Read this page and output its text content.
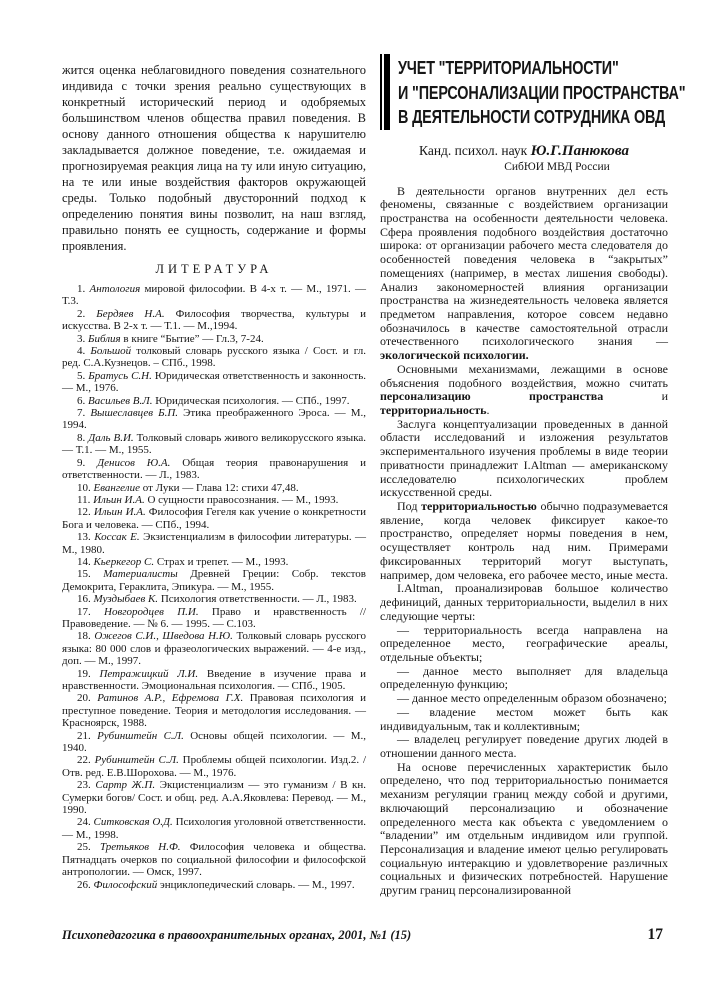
жится оценка неблаговидного поведения сознательного индивида с точки зрения реально существующих в конкретный исторический период и одобряемых большинством членов общества правил поведения. В основу данного отношения общества к нарушителю закладывается должное поведение, т.е. ожидаемая и прогнозируемая реакция лица на ту или иную ситуацию, на те или иные воздействия факторов окружающей среды. Только подобный двусторонний подход к определению понятия вины позволит, на наш взгляд, правильно понять ее сущность, содержание и формы проявления.

ЛИТЕРАТУРА

1. Антология мировой философии. В 4-х т. — М., 1971. — Т.3.

2. Бердяев Н.А. Философия творчества, культуры и искусства. В 2-х т. — Т.1. — М.,1994.

3. Библия в книге “Бытие” — Гл.3, 7-24.

4. Большой толковый словарь русского языка / Сост. и гл. ред. С.А.Кузнецов. – СПб., 1998.

5. Братусь С.Н. Юридическая ответственность и законность. — М., 1976.

6. Васильев В.Л. Юридическая психология. — СПб., 1997.

7. Вышеславцев Б.П. Этика преображенного Эроса. — М., 1994.

8. Даль В.И. Толковый словарь живого великорусского языка. — Т.1. — М., 1955.

9. Денисов Ю.А. Общая теория правонарушения и ответственности. — Л., 1983.

10. Евангелие от Луки — Глава 12: стихи 47,48.

11. Ильин И.А. О сущности правосознания. — М., 1993.

12. Ильин И.А. Философия Гегеля как учение о конкретности Бога и человека. — СПб., 1994.

13. Коссак Е. Экзистенциализм в философии литературы. — М., 1980.

14. Кьеркегор С. Страх и трепет. — М., 1993.

15. Материалисты Древней Греции: Собр. текстов Демокрита, Гераклита, Эпикура. — М., 1955.

16. Муздыбаев К. Психология ответственности. — Л., 1983.

17. Новгородцев П.И. Право и нравственность // Правоведение. — № 6. — 1995. — С.103.

18. Ожегов С.И., Шведова Н.Ю. Толковый словарь русского языка: 80 000 слов и фразеологических выражений. — 4-е изд., доп. — М., 1997.

19. Петражицкий Л.И. Введение в изучение права и нравственности. Эмоциональная психология. — СПб., 1905.

20. Ратинов А.Р., Ефремова Г.Х. Правовая психология и преступное поведение. Теория и методология исследования. — Красноярск, 1988.

21. Рубинштейн С.Л. Основы общей психологии. — М., 1940.

22. Рубинштейн С.Л. Проблемы общей психологии. Изд.2. / Отв. ред. Е.В.Шорохова. — М., 1976.

23. Сартр Ж.П. Экцистенциализм — это гуманизм / В кн. Сумерки богов/ Сост. и общ. ред. А.А.Яковлева: Перевод. — М., 1990.

24. Ситковская О.Д. Психология уголовной ответственности. — М., 1998.

25. Третьяков Н.Ф. Философия человека и общества. Пятнадцать очерков по социальной философии и философской антропологии. — Омск, 1997.

26. Философский энциклопедический словарь. — М., 1997.

УЧЕТ "ТЕРРИТОРИАЛЬНОСТИ"
И "ПЕРСОНАЛИЗАЦИИ ПРОСТРАНСТВА"
В ДЕЯТЕЛЬНОСТИ СОТРУДНИКА ОВД
Канд. психол. наук Ю.Г.Панюкова
СибЮИ МВД России

В деятельности органов внутренних дел есть феномены, связанные с воздействием организации пространства на особенности деятельности человека. Сфера проявления подобного воздействия достаточно широка: от организации рабочего места следователя до особенностей поведения человека в “закрытых” помещениях (например, в местах лишения свободы). Анализ закономерностей влияния организации пространства на жизнедеятельность человека является предметом направления, которое совсем недавно обозначилось в качестве самостоятельной отрасли отечественного психологического знания — экологической психологии.

Основными механизмами, лежащими в основе объяснения подобного воздействия, можно считать персонализацию пространства и территориальность.

Заслуга концептуализации проведенных в данной области исследований и изложения результатов экспериментального изучения проблемы в виде теории приватности принадлежит I.Altman — американскому исследователю психологических проблем искусственной среды.

Под территориальностью обычно подразумевается явление, когда человек фиксирует какое-то пространство, определяет нормы поведения в нем, осуществляет контроль над ним. Примерами фиксированных территорий могут выступать, например, дом человека, его рабочее место, иные места.

I.Altman, проанализировав большое количество дефиниций, данных территориальности, выделил в них следующие черты:

— территориальность всегда направлена на определенное место, географические ареалы, отдельные объекты;

— данное место выполняет для владельца определенную функцию;

— данное место определенным образом обозначено;

— владение местом может быть как индивидуальным, так и коллективным;

— владелец регулирует поведение других людей в отношении данного места.

На основе перечисленных характеристик было определено, что под территориальностью понимается механизм регуляции границ между собой и другими, включающий персонализацию и обозначение определенного места как объекта с уведомлением о “владении” им отдельным индивидом или группой. Персонализация и владение имеют целью регулировать социальную интеракцию и удовлетворение различных социальных и физических потребностей. Нарушение другим границ персонализированной

Психопедагогика в правоохранительных органах, 2001, №1 (15)	17
